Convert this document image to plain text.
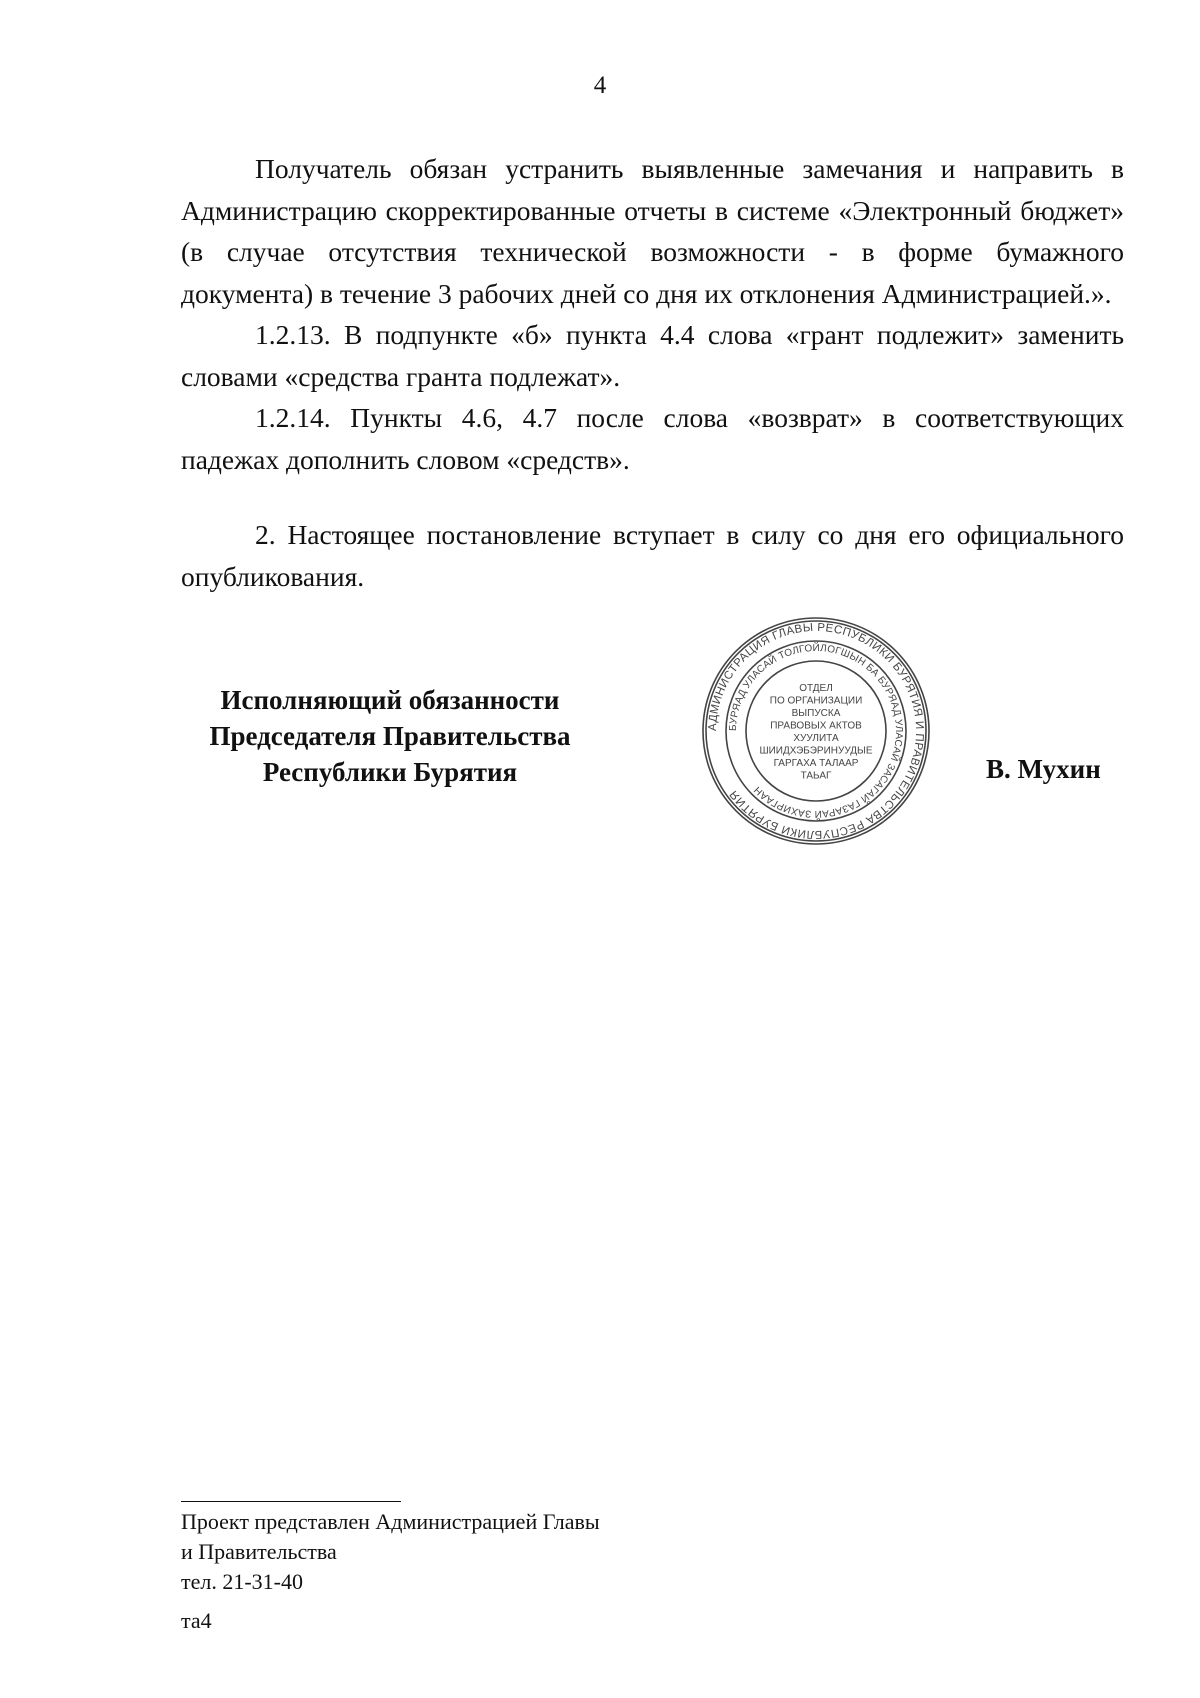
4

Получатель обязан устранить выявленные замечания и направить в Администрацию скорректированные отчеты в системе «Электронный бюджет» (в случае отсутствия технической возможности - в форме бумажного документа) в течение 3 рабочих дней со дня их отклонения Администрацией.».

1.2.13. В подпункте «б» пункта 4.4 слова «грант подлежит» заменить словами «средства гранта подлежат».

1.2.14. Пункты 4.6, 4.7 после слова «возврат» в соответствующих падежах дополнить словом «средств».

2. Настоящее постановление вступает в силу со дня его официального опубликования.

Исполняющий обязанности
Председателя Правительства
Республики Бурятия
АДМИНИСТРАЦИЯ ГЛАВЫ РЕСПУБЛИКИ БУРЯТИЯ И ПРАВИТЕЛЬСТВА РЕСПУБЛИКИ БУРЯТИЯ
БУРЯАД УЛАСАЙ ТОЛГОЙЛОГШЫН БА БУРЯАД УЛАСАЙ ЗАСАГАЙ ГАЗАРАЙ ЗАХИРГААН
ОТДЕЛ
ПО ОРГАНИЗАЦИИ
ВЫПУСКА
ПРАВОВЫХ АКТОВ
ХУУЛИТА
ШИИДХЭБЭРИНУУДЫЕ
ГАРГАХА ТАЛААР
ТАЬАГ	В. Мухин
Проект представлен Администрацией Главы
и Правительства
тел. 21-31-40
та4
